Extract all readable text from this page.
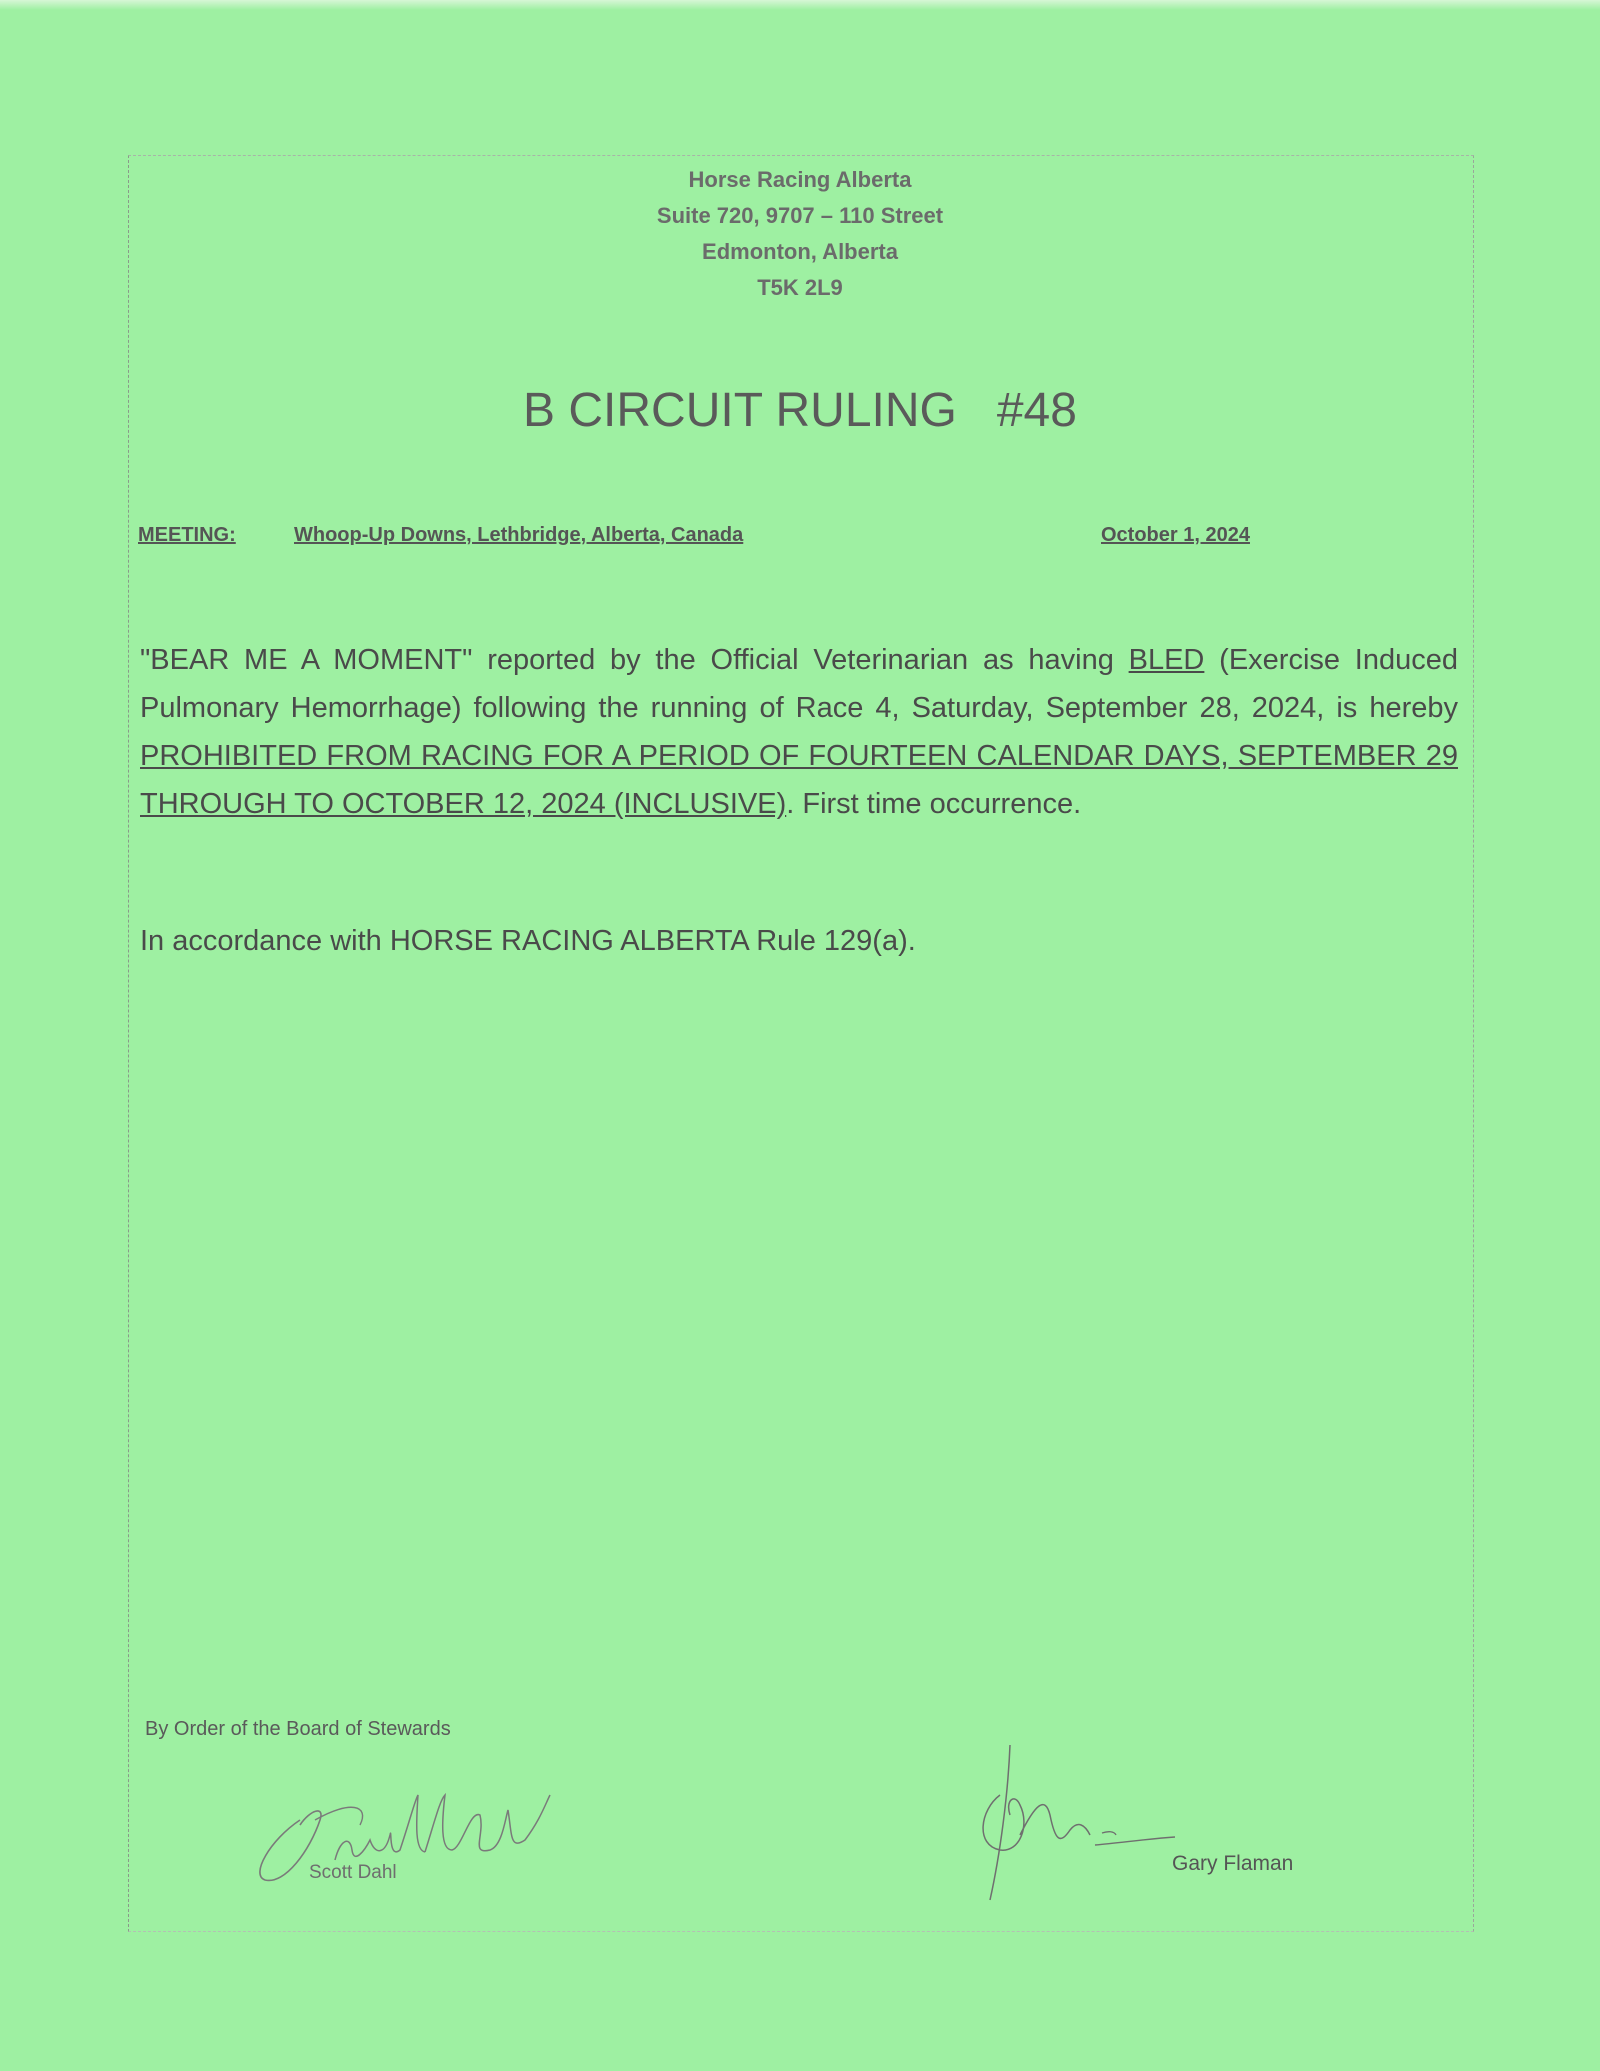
Horse Racing Alberta
Suite 720, 9707 – 110 Street
Edmonton, Alberta
T5K 2L9
B CIRCUIT RULING #48
MEETING:	Whoop-Up Downs, Lethbridge, Alberta, Canada	October 1, 2024

"BEAR ME A MOMENT" reported by the Official Veterinarian as having BLED (Exercise Induced Pulmonary Hemorrhage) following the running of Race 4, Saturday, September 28, 2024, is hereby PROHIBITED FROM RACING FOR A PERIOD OF FOURTEEN CALENDAR DAYS, SEPTEMBER 29 THROUGH TO OCTOBER 12, 2024 (INCLUSIVE). First time occurrence.

In accordance with HORSE RACING ALBERTA Rule 129(a).
By Order of the Board of Stewards
Scott Dahl	Gary Flaman
